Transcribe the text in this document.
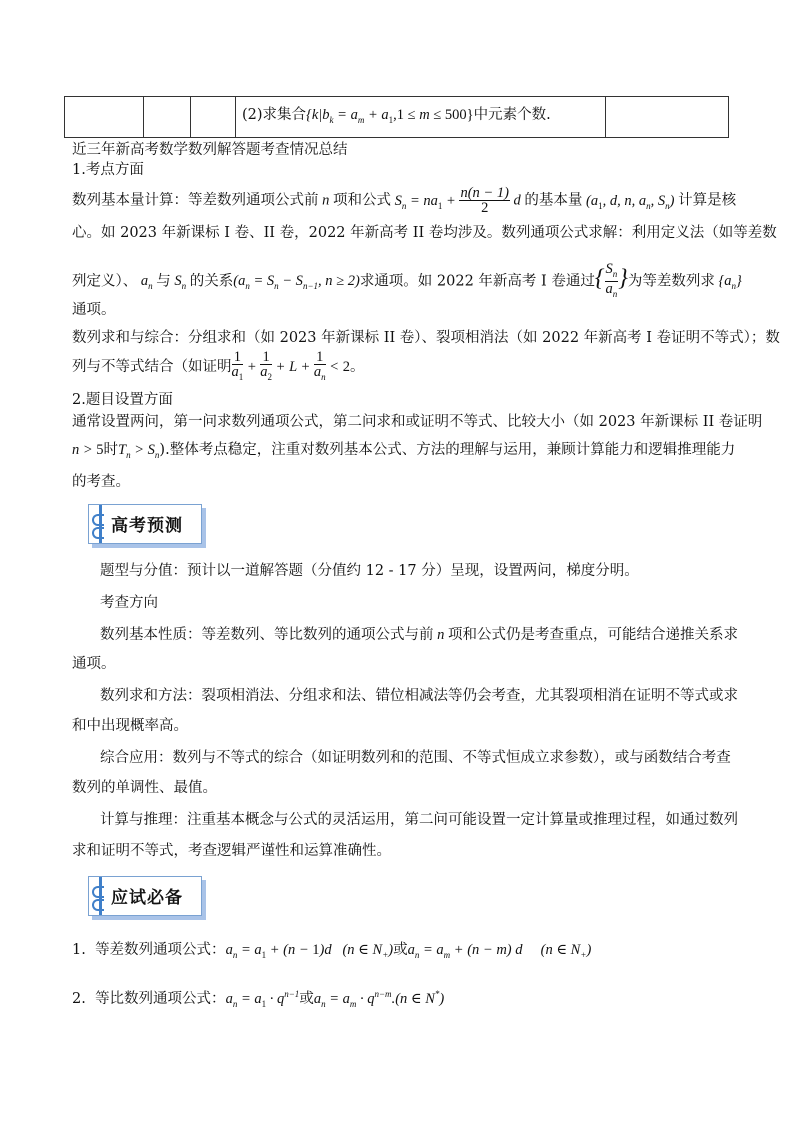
			(2)求集合$\{k|b_k = a_m + a_1,1 \le m \le 500\}$中元素个数.	
近三年新高考数学数列解答题考查情况总结
1.考点方面
数列基本量计算：等差数列通项公式前 n 项和公式 $S_n = na_1 + \frac{n(n - 1)}{2}$ d 的基本量 ($a_1$, d, n, $a_n$, $S_n$) 计算是核
心。如 2023 年新课标 I 卷、II 卷，2022 年新高考 II 卷均涉及。数列通项公式求解：利用定义法（如等差数
列定义）、 $a_n$ 与 $S_n$ 的关系($a_n = S_n - S_{n-1}$, n ≥ 2)求通项。如 2022 年新高考 I 卷通过{ $\frac{S_n}{a_n}$ }为等差数列求 $\{a_n\}$
通项。
数列求和与综合：分组求和（如 2023 年新课标 II 卷）、裂项相消法（如 2022 年新高考 I 卷证明不等式）；数
列与不等式结合（如证明 $\frac{1}{a_1} + \frac{1}{a_2} + L + \frac{1}{a_n} < 2$。
2.题目设置方面
通常设置两问，第一问求数列通项公式，第二问求和或证明不等式、比较大小（如 2023 年新课标 II 卷证明
n > 5时$T_n > S_n$).整体考点稳定，注重对数列基本公式、方法的理解与运用，兼顾计算能力和逻辑推理能力
的考查。
高考预测
题型与分值：预计以一道解答题（分值约 12 - 17 分）呈现，设置两问，梯度分明。
考查方向
数列基本性质：等差数列、等比数列的通项公式与前 n 项和公式仍是考查重点，可能结合递推关系求
通项。
数列求和方法：裂项相消法、分组求和法、错位相减法等仍会考查，尤其裂项相消在证明不等式或求
和中出现概率高。
综合应用：数列与不等式的综合（如证明数列和的范围、不等式恒成立求参数），或与函数结合考查
数列的单调性、最值。
计算与推理：注重基本概念与公式的灵活运用，第二问可能设置一定计算量或推理过程，如通过数列
求和证明不等式，考查逻辑严谨性和运算准确性。
应试必备
1. 等差数列通项公式：$a_n = a_1 + (n - 1)d$   (n ∈ $N_+$)或$a_n = a_m + (n - m)$ d     (n ∈ $N_+$)
2. 等比数列通项公式：$a_n = a_1 \cdot q^{n-1}$或$a_n = a_m \cdot q^{n-m}.(n$ ∈ N*)
